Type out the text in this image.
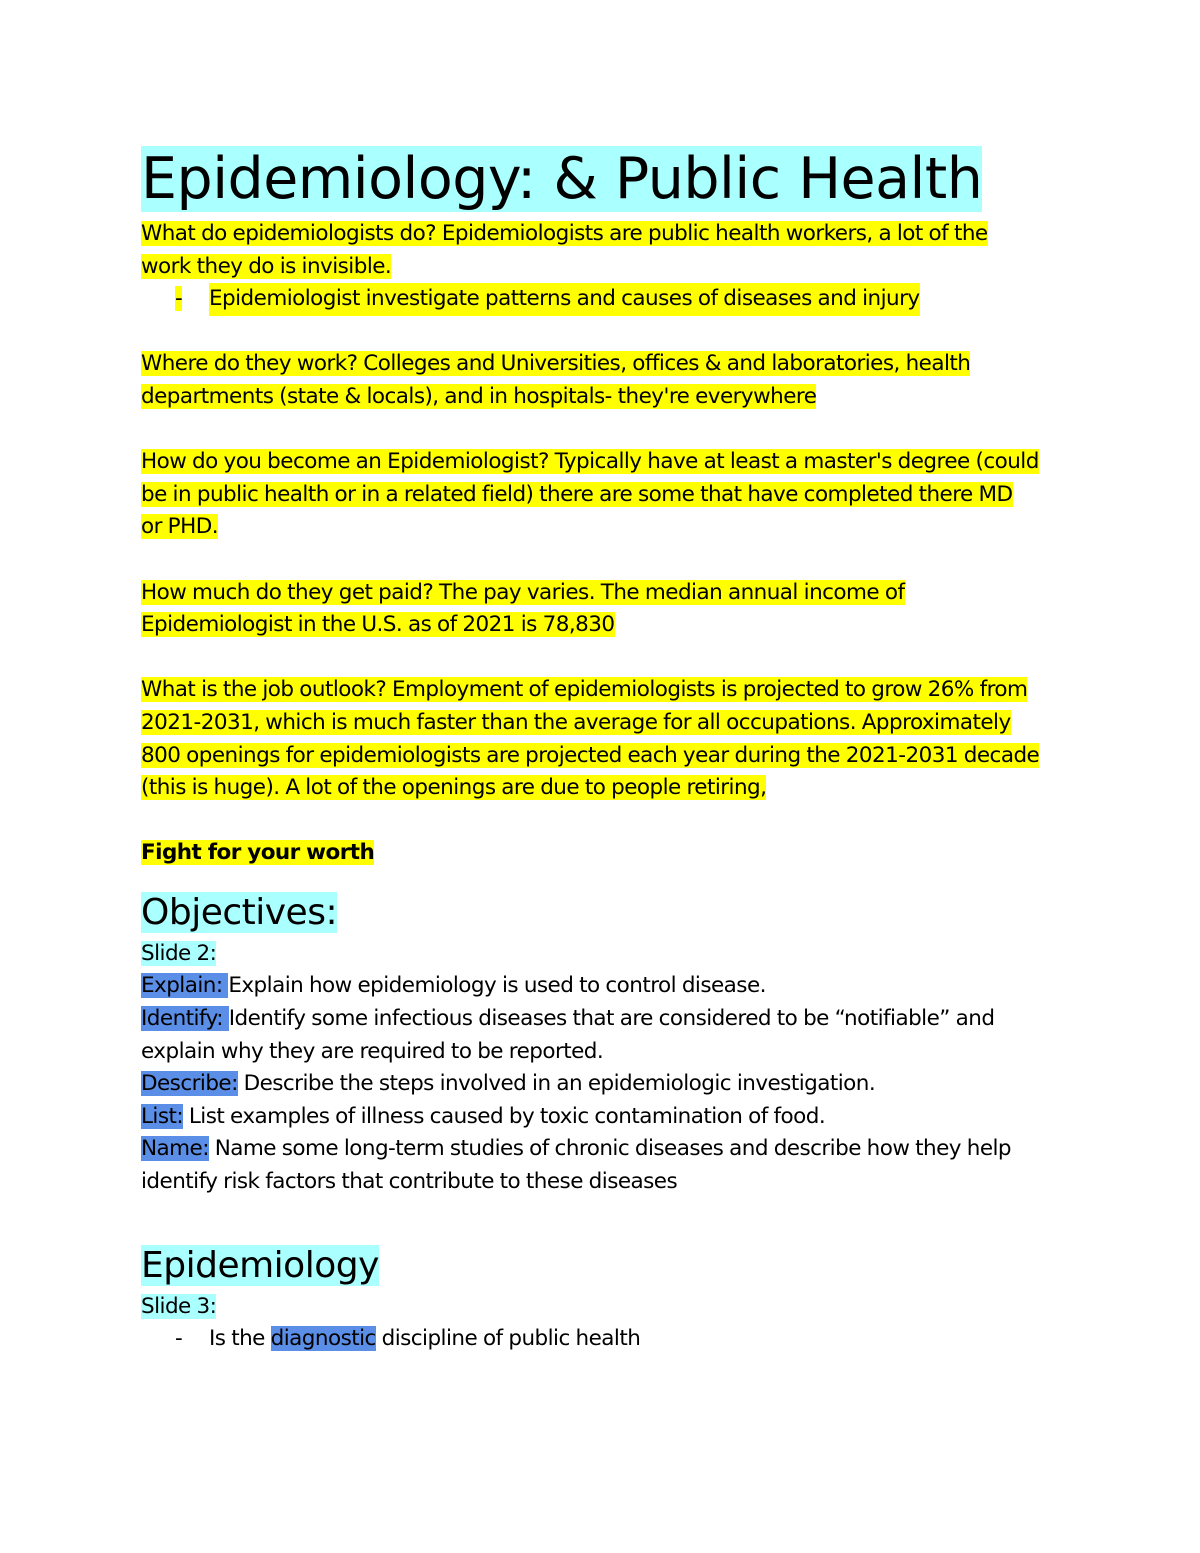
Epidemiology: & Public Health

What do epidemiologists do? Epidemiologists are public health workers, a lot of the
work they do is invisible.

-	Epidemiologist investigate patterns and causes of diseases and injury

Where do they work? Colleges and Universities, offices & and laboratories, health
departments (state & locals), and in hospitals- they're everywhere

How do you become an Epidemiologist? Typically have at least a master's degree (could
be in public health or in a related field) there are some that have completed there MD
or PHD.

How much do they get paid? The pay varies. The median annual income of
Epidemiologist in the U.S. as of 2021 is 78,830

What is the job outlook? Employment of epidemiologists is projected to grow 26% from
2021-2031, which is much faster than the average for all occupations. Approximately
800 openings for epidemiologists are projected each year during the 2021-2031 decade
(this is huge). A lot of the openings are due to people retiring,

Fight for your worth

Objectives:

Slide 2:

Explain: Explain how epidemiology is used to control disease.

Identify: Identify some infectious diseases that are considered to be “notifiable” and
explain why they are required to be reported.

Describe: Describe the steps involved in an epidemiologic investigation.

List: List examples of illness caused by toxic contamination of food.

Name: Name some long-term studies of chronic diseases and describe how they help
identify risk factors that contribute to these diseases

Epidemiology

Slide 3:

-	Is the diagnostic discipline of public health
